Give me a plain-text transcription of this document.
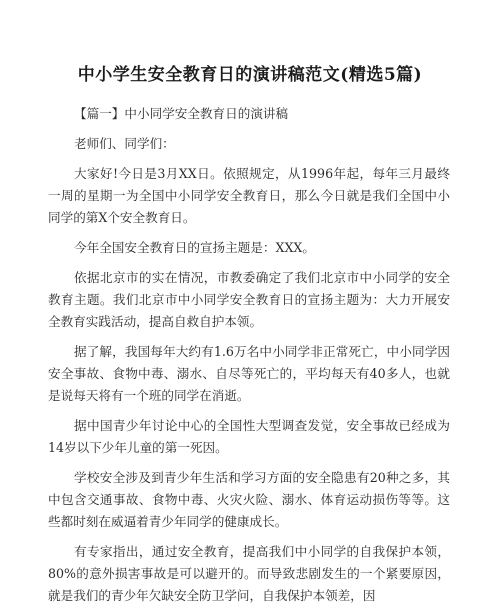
中小学生安全教育日的演讲稿范文(精选5篇)

【篇一】中小同学安全教育日的演讲稿

老师们、同学们：

大家好!今日是3月XX日。依照规定，从1996年起，每年三月最终一周的星期一为全国中小同学安全教育日，那么今日就是我们全国中小同学的第X个安全教育日。

今年全国安全教育日的宣扬主题是：XXX。

依据北京市的实在情况，市教委确定了我们北京市中小同学的安全教育主题。我们北京市中小同学安全教育日的宣扬主题为：大力开展安全教育实践活动，提高自救自护本领。

据了解，我国每年大约有1.6万名中小同学非正常死亡，中小同学因安全事故、食物中毒、溺水、自尽等死亡的，平均每天有40多人，也就是说每天将有一个班的同学在消逝。

据中国青少年讨论中心的全国性大型调查发觉，安全事故已经成为14岁以下少年儿童的第一死因。

学校安全涉及到青少年生活和学习方面的安全隐患有20种之多，其中包含交通事故、食物中毒、火灾火险、溺水、体育运动损伤等等。这些都时刻在威逼着青少年同学的健康成长。

有专家指出，通过安全教育，提高我们中小同学的自我保护本领，80%的意外损害事故是可以避开的。而导致悲剧发生的一个紧要原因，就是我们的青少年欠缺安全防卫学问，自我保护本领差，因
